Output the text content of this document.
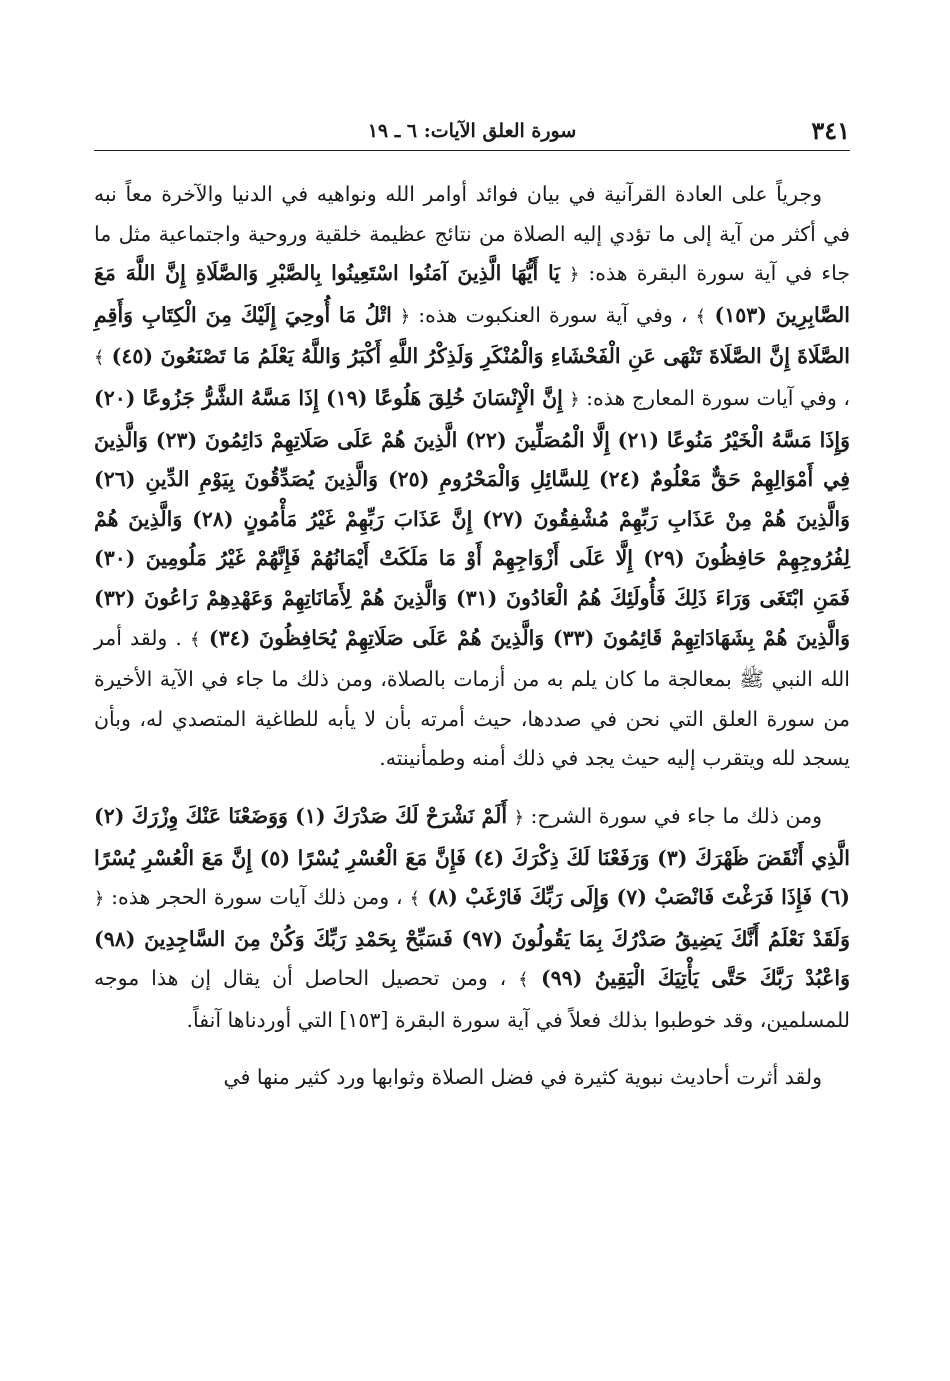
٣٤١
سورة العلق الآيات: ٦ ـ ١٩

وجرياً على العادة القرآنية في بيان فوائد أوامر الله ونواهيه في الدنيا والآخرة معاً نبه في أكثر من آية إلى ما تؤدي إليه الصلاة من نتائج عظيمة خلقية وروحية واجتماعية مثل ما جاء في آية سورة البقرة هذه: ﴿ يَا أَيُّهَا الَّذِينَ آمَنُوا اسْتَعِينُوا بِالصَّبْرِ وَالصَّلَاةِ إِنَّ اللَّهَ مَعَ الصَّابِرِينَ (١٥٣) ﴾ ، وفي آية سورة العنكبوت هذه: ﴿ اتْلُ مَا أُوحِيَ إِلَيْكَ مِنَ الْكِتَابِ وَأَقِمِ الصَّلَاةَ إِنَّ الصَّلَاةَ تَنْهَى عَنِ الْفَحْشَاءِ وَالْمُنْكَرِ وَلَذِكْرُ اللَّهِ أَكْبَرُ وَاللَّهُ يَعْلَمُ مَا تَصْنَعُونَ (٤٥) ﴾ ، وفي آيات سورة المعارج هذه: ﴿ إِنَّ الْإِنْسَانَ خُلِقَ هَلُوعًا (١٩) إِذَا مَسَّهُ الشَّرُّ جَزُوعًا (٢٠) وَإِذَا مَسَّهُ الْخَيْرُ مَنُوعًا (٢١) إِلَّا الْمُصَلِّينَ (٢٢) الَّذِينَ هُمْ عَلَى صَلَاتِهِمْ دَائِمُونَ (٢٣) وَالَّذِينَ فِي أَمْوَالِهِمْ حَقٌّ مَعْلُومٌ (٢٤) لِلسَّائِلِ وَالْمَحْرُومِ (٢٥) وَالَّذِينَ يُصَدِّقُونَ بِيَوْمِ الدِّينِ (٢٦) وَالَّذِينَ هُمْ مِنْ عَذَابِ رَبِّهِمْ مُشْفِقُونَ (٢٧) إِنَّ عَذَابَ رَبِّهِمْ غَيْرُ مَأْمُونٍ (٢٨) وَالَّذِينَ هُمْ لِفُرُوجِهِمْ حَافِظُونَ (٢٩) إِلَّا عَلَى أَزْوَاجِهِمْ أَوْ مَا مَلَكَتْ أَيْمَانُهُمْ فَإِنَّهُمْ غَيْرُ مَلُومِينَ (٣٠) فَمَنِ ابْتَغَى وَرَاءَ ذَلِكَ فَأُولَئِكَ هُمُ الْعَادُونَ (٣١) وَالَّذِينَ هُمْ لِأَمَانَاتِهِمْ وَعَهْدِهِمْ رَاعُونَ (٣٢) وَالَّذِينَ هُمْ بِشَهَادَاتِهِمْ قَائِمُونَ (٣٣) وَالَّذِينَ هُمْ عَلَى صَلَاتِهِمْ يُحَافِظُونَ (٣٤) ﴾ . ولقد أمر الله النبي ﷺ بمعالجة ما كان يلم به من أزمات بالصلاة، ومن ذلك ما جاء في الآية الأخيرة من سورة العلق التي نحن في صددها، حيث أمرته بأن لا يأبه للطاغية المتصدي له، وبأن يسجد لله ويتقرب إليه حيث يجد في ذلك أمنه وطمأنينته.

ومن ذلك ما جاء في سورة الشرح: ﴿ أَلَمْ نَشْرَحْ لَكَ صَدْرَكَ (١) وَوَضَعْنَا عَنْكَ وِزْرَكَ (٢) الَّذِي أَنْقَضَ ظَهْرَكَ (٣) وَرَفَعْنَا لَكَ ذِكْرَكَ (٤) فَإِنَّ مَعَ الْعُسْرِ يُسْرًا (٥) إِنَّ مَعَ الْعُسْرِ يُسْرًا (٦) فَإِذَا فَرَغْتَ فَانْصَبْ (٧) وَإِلَى رَبِّكَ فَارْغَبْ (٨) ﴾ ، ومن ذلك آيات سورة الحجر هذه: ﴿ وَلَقَدْ نَعْلَمُ أَنَّكَ يَضِيقُ صَدْرُكَ بِمَا يَقُولُونَ (٩٧) فَسَبِّحْ بِحَمْدِ رَبِّكَ وَكُنْ مِنَ السَّاجِدِينَ (٩٨) وَاعْبُدْ رَبَّكَ حَتَّى يَأْتِيَكَ الْيَقِينُ (٩٩) ﴾ ، ومن تحصيل الحاصل أن يقال إن هذا موجه للمسلمين، وقد خوطبوا بذلك فعلاً في آية سورة البقرة [١٥٣] التي أوردناها آنفاً.

ولقد أثرت أحاديث نبوية كثيرة في فضل الصلاة وثوابها ورد كثير منها في
